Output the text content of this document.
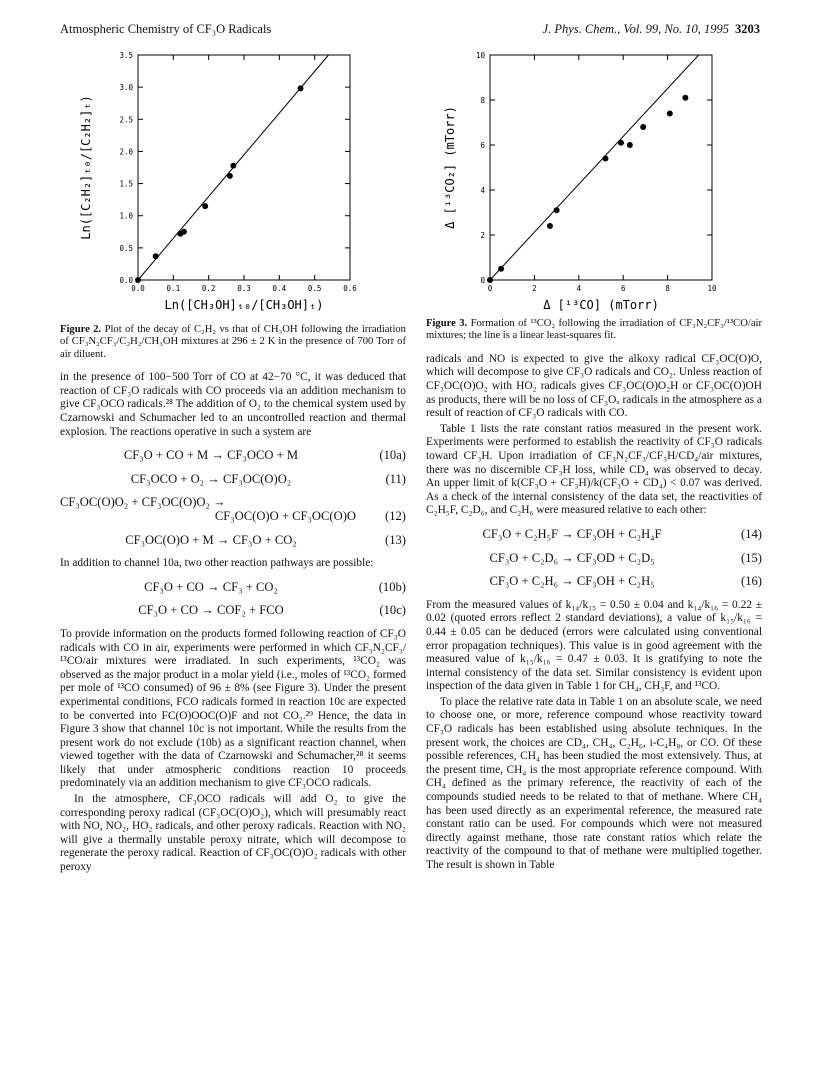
Atmospheric Chemistry of CF₃O Radicals	J. Phys. Chem., Vol. 99, No. 10, 1995 3203
0.0	0.1	0.2	0.3	0.4	0.5	0.6
0.0
0.5
1.0
1.5
2.0
2.5
3.0
3.5
Ln([CH₃OH]ₜ₀/[CH₃OH]ₜ)
Ln([C₂H₂]ₜ₀/[C₂H₂]ₜ)
Figure 2. Plot of the decay of C₂H₂ vs that of CH₃OH following the irradiation of CF₃N₂CF₃/C₂H₂/CH₃OH mixtures at 296 ± 2 K in the presence of 700 Torr of air diluent.

in the presence of 100−500 Torr of CO at 42−70 °C, it was deduced that reaction of CF₃O radicals with CO proceeds via an addition mechanism to give CF₃OCO radicals.²⁸ The addition of O₂ to the chemical system used by Czarnowski and Schumacher led to an uncontrolled reaction and thermal explosion. The reactions operative in such a system are

CF₃O + CO + M → CF₃OCO + M	(10a)
CF₃OCO + O₂ → CF₃OC(O)O₂	(11)
CF₃OC(O)O₂ + CF₃OC(O)O₂ →
CF₃OC(O)O + CF₃OC(O)O	(12)
CF₃OC(O)O + M → CF₃O + CO₂	(13)

In addition to channel 10a, two other reaction pathways are possible:

CF₃O + CO → CF₃ + CO₂	(10b)
CF₃O + CO → COF₂ + FCO	(10c)

To provide information on the products formed following reaction of CF₃O radicals with CO in air, experiments were performed in which CF₃N₂CF₃/¹³CO/air mixtures were irradiated. In such experiments, ¹³CO₂ was observed as the major product in a molar yield (i.e., moles of ¹³CO₂ formed per mole of ¹³CO consumed) of 96 ± 8% (see Figure 3). Under the present experimental conditions, FCO radicals formed in reaction 10c are expected to be converted into FC(O)OOC(O)F and not CO₂.²⁹ Hence, the data in Figure 3 show that channel 10c is not important. While the results from the present work do not exclude (10b) as a significant reaction channel, when viewed together with the data of Czarnowski and Schumacher,²⁸ it seems likely that under atmospheric conditions reaction 10 proceeds predominately via an addition mechanism to give CF₃OCO radicals.

In the atmosphere, CF₃OCO radicals will add O₂ to give the corresponding peroxy radical (CF₃OC(O)O₂), which will presumably react with NO, NO₂, HO₂ radicals, and other peroxy radicals. Reaction with NO₂ will give a thermally unstable peroxy nitrate, which will decompose to regenerate the peroxy radical. Reaction of CF₃OC(O)O₂ radicals with other peroxy

0	2	4	6	8	10
0
2
4
6
8
10
Δ [¹³CO] (mTorr)
Δ [¹³CO₂] (mTorr)
Figure 3. Formation of ¹³CO₂ following the irradiation of CF₃N₂CF₃/¹³CO/air mixtures; the line is a linear least-squares fit.

radicals and NO is expected to give the alkoxy radical CF₃OC(O)O, which will decompose to give CF₃O radicals and CO₂. Unless reaction of CF₃OC(O)O₂ with HO₂ radicals gives CF₃OC(O)O₂H or CF₃OC(O)OH as products, there will be no loss of CF₃Oₓ radicals in the atmosphere as a result of reaction of CF₃O radicals with CO.

Table 1 lists the rate constant ratios measured in the present work. Experiments were performed to establish the reactivity of CF₃O radicals toward CF₃H. Upon irradiation of CF₃N₂CF₃/CF₃H/CD₄/air mixtures, there was no discernible CF₃H loss, while CD₄ was observed to decay. An upper limit of k(CF₃O + CF₃H)/k(CF₃O + CD₄) < 0.07 was derived. As a check of the internal consistency of the data set, the reactivities of C₂H₅F, C₂D₆, and C₂H₆ were measured relative to each other:

CF₃O + C₂H₅F → CF₃OH + C₂H₄F	(14)
CF₃O + C₂D₆ → CF₃OD + C₂D₅	(15)
CF₃O + C₂H₆ → CF₃OH + C₂H₅	(16)

From the measured values of k₁₄/k₁₅ = 0.50 ± 0.04 and k₁₄/k₁₆ = 0.22 ± 0.02 (quoted errors reflect 2 standard deviations), a value of k₁₅/k₁₆ = 0.44 ± 0.05 can be deduced (errors were calculated using conventional error propagation techniques). This value is in good agreement with the measured value of k₁₅/k₁₆ = 0.47 ± 0.03. It is gratifying to note the internal consistency of the data set. Similar consistency is evident upon inspection of the data given in Table 1 for CH₄, CH₃F, and ¹³CO.

To place the relative rate data in Table 1 on an absolute scale, we need to choose one, or more, reference compound whose reactivity toward CF₃O radicals has been established using absolute techniques. In the present work, the choices are CD₄, CH₄, C₂H₆, i-C₄H₈, or CO. Of these possible references, CH₄ has been studied the most extensively. Thus, at the present time, CH₄ is the most appropriate reference compound. With CH₄ defined as the primary reference, the reactivity of each of the compounds studied needs to be related to that of methane. Where CH₄ has been used directly as an experimental reference, the measured rate constant ratio can be used. For compounds which were not measured directly against methane, those rate constant ratios which relate the reactivity of the compound to that of methane were multiplied together. The result is shown in Table
